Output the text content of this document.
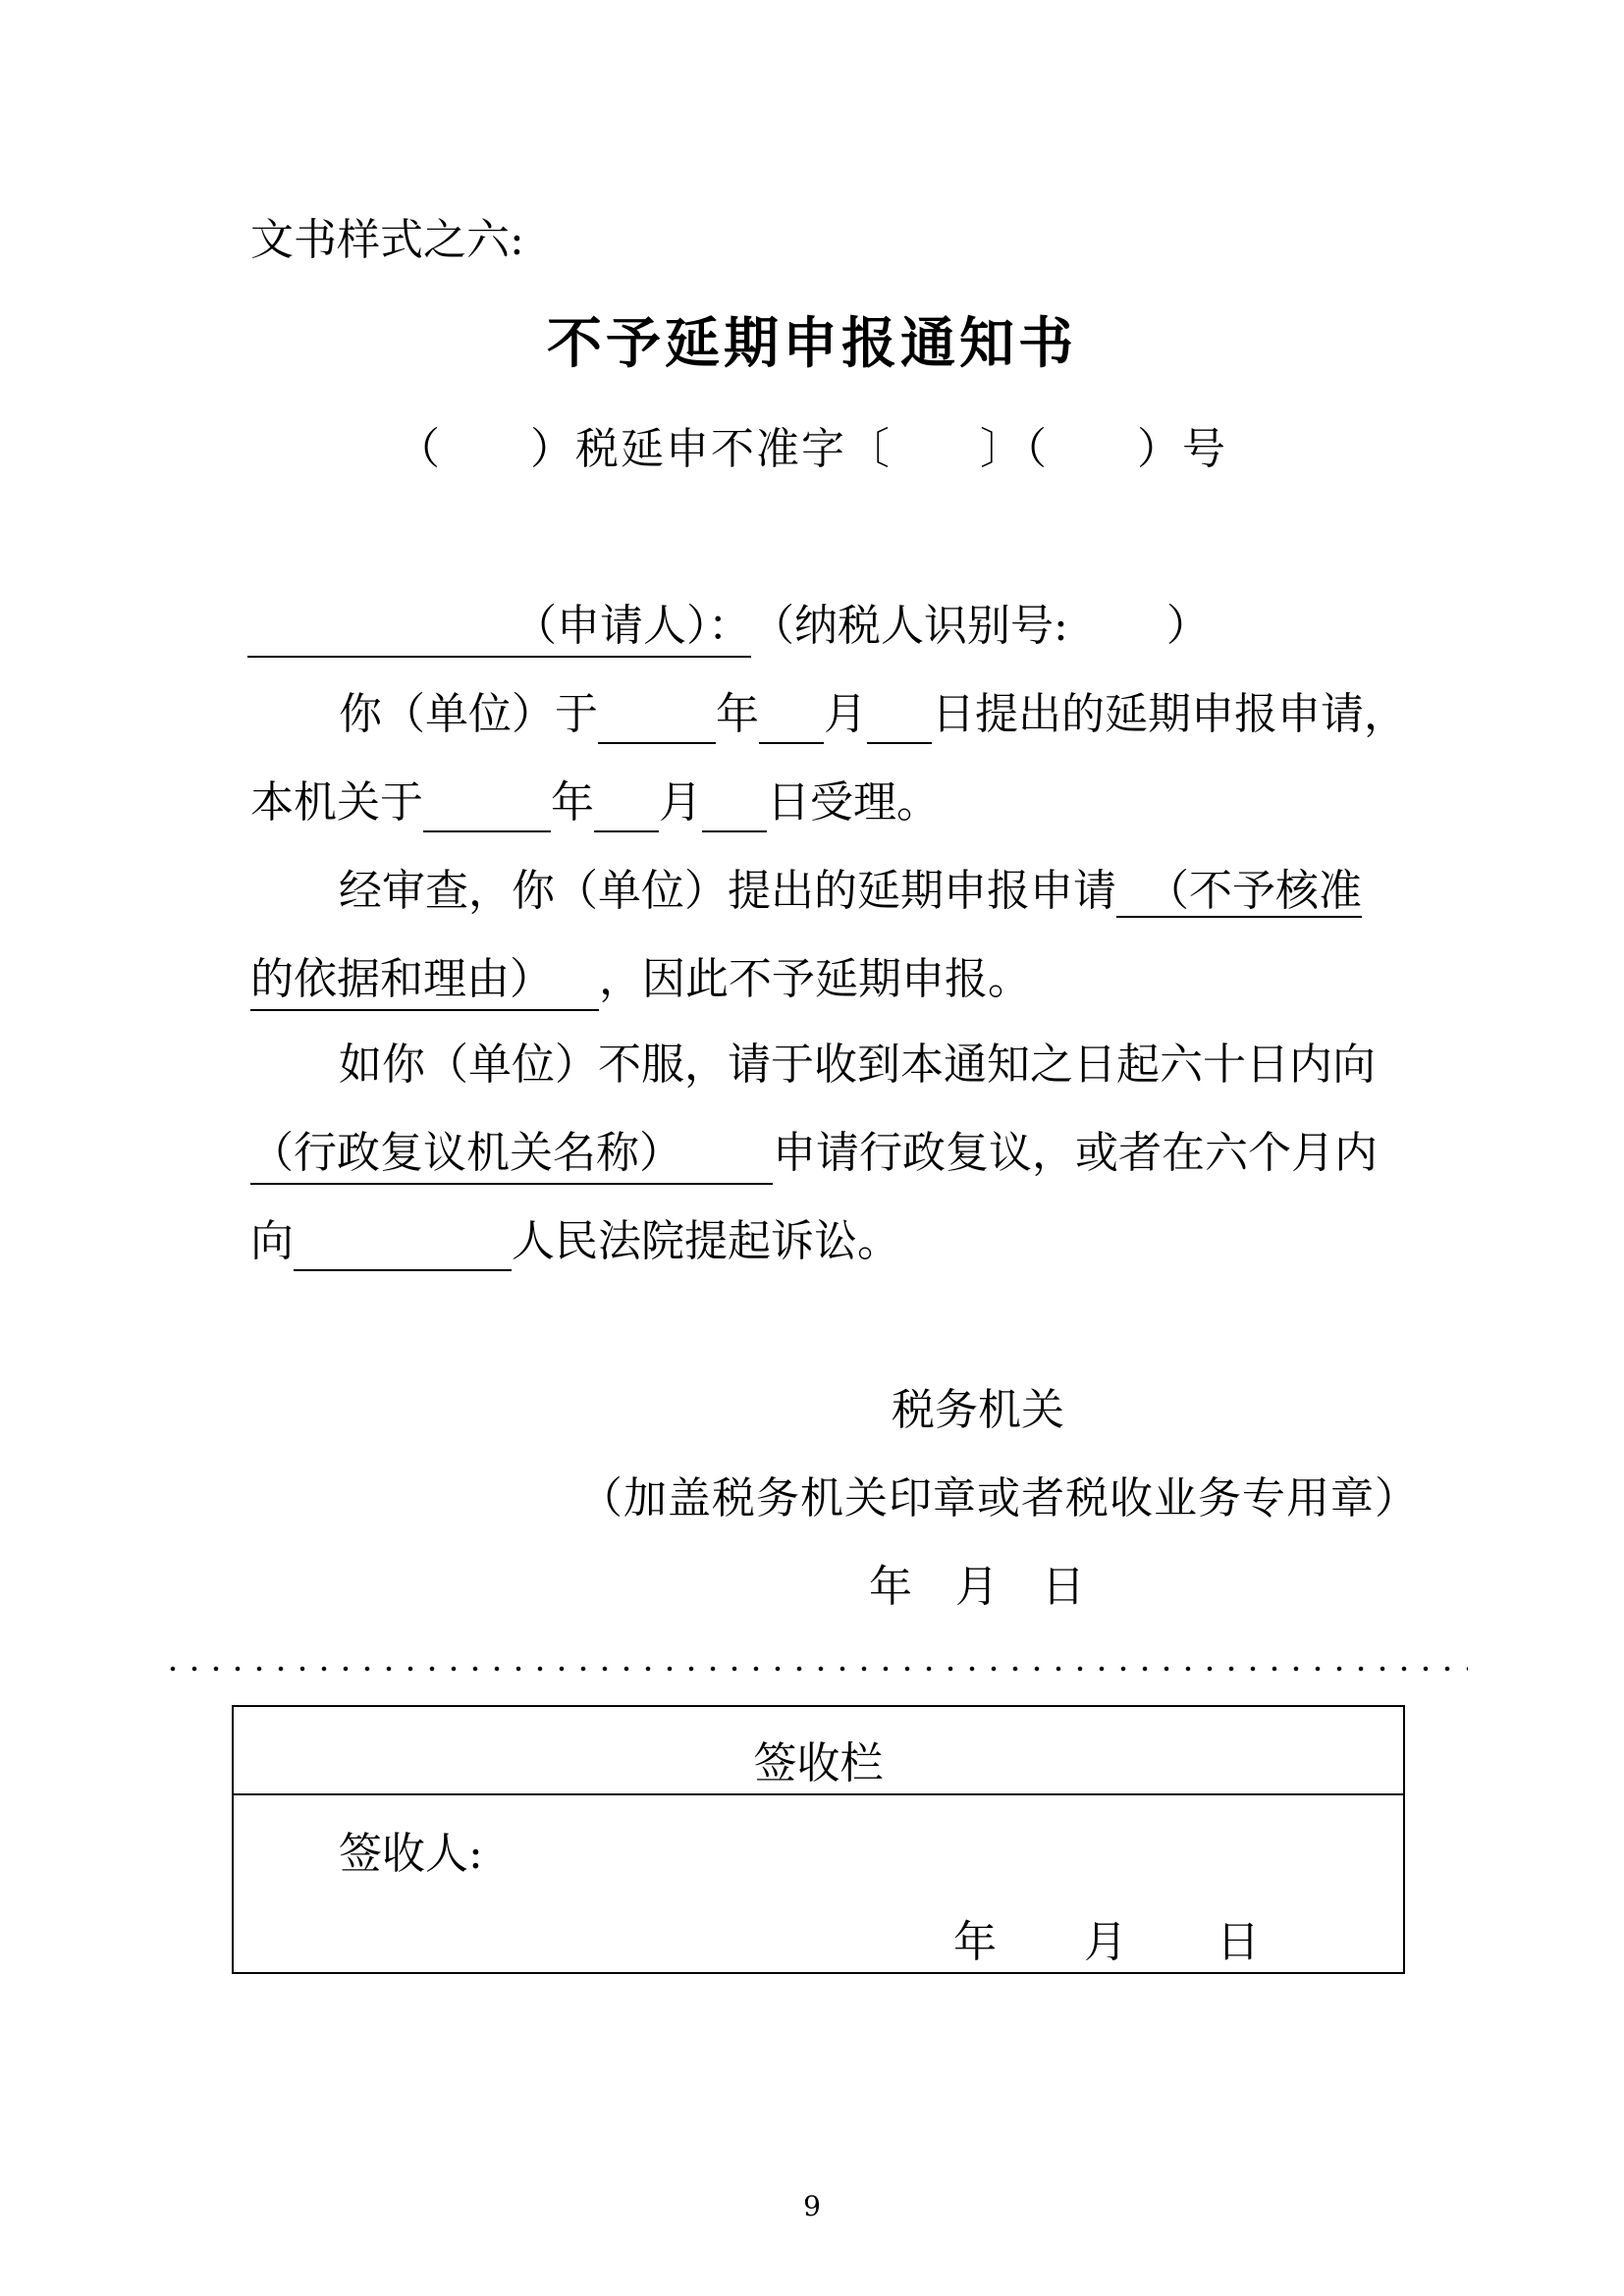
文书样式之六:
不予延期申报通知书
（ ）税延申不准字〔 〕（ ）号
（申请人）：（纳税人识别号: ）
你（单位）于	年 月 日提出的延期申报申请，
本机关于	年 月 日受理。
经审查，你（单位）提出的延期申报申请 （不予核准
的依据和理由） ，因此不予延期申报。
如你（单位）不服，请于收到本通知之日起六十日内向
（行政复议机关名称） 申请行政复议，或者在六个月内
向	人民法院提起诉讼。
税务机关
（加盖税务机关印章或者税收业务专用章）
年　月　日
签收栏
签收人:
年 月 日
9
